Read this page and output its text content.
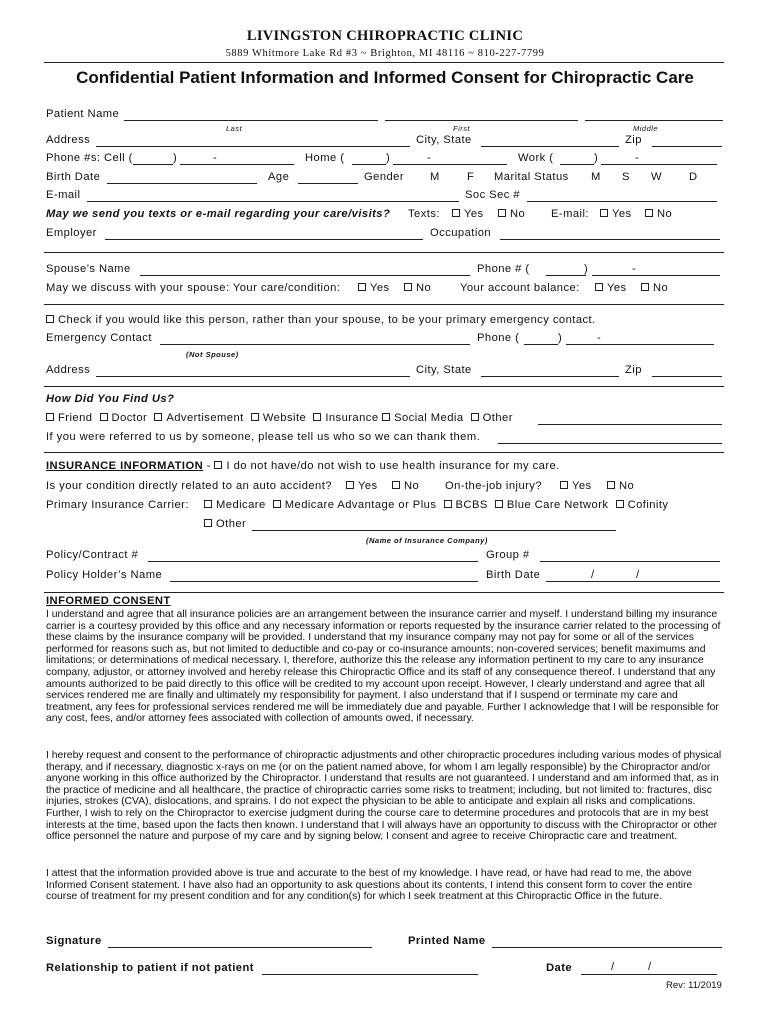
LIVINGSTON CHIROPRACTIC CLINIC
5889 Whitmore Lake Rd #3 ~ Brighton, MI 48116 ~ 810-227-7799
Confidential Patient Information and Informed Consent for Chiropractic Care
Patient Name
Last	First	Middle
Address	City, State	Zip
Phone #s: Cell (	)	-	Home (	)	-	Work (	)	-
Birth Date	Age	Gender M F Marital Status M S W D
E-mail	Soc Sec #
May we send you texts or e-mail regarding your care/visits? Texts:	Yes	No E-mail:	Yes	No
Employer	Occupation
Spouse’s Name	Phone # (	)	-
May we discuss with your spouse: Your care/condition:	Yes	No	Your account balance:	Yes	No
Check if you would like this person, rather than your spouse, to be your primary emergency contact.
Emergency Contact	Phone (	)	-
(Not Spouse)
Address	City, State	Zip
How Did You Find Us?
Friend Doctor Advertisement Website Insurance Social Media Other
If you were referred to us by someone, please tell us who so we can thank them.
INSURANCE INFORMATION - I do not have/do not wish to use health insurance for my care.
Is your condition directly related to an auto accident?	Yes	No On-the-job injury?	Yes	No
Primary Insurance Carrier:	Medicare Medicare Advantage or Plus BCBS Blue Care Network Cofinity
Other
(Name of Insurance Company)
Policy/Contract #	Group #
Policy Holder’s Name	Birth Date	/	/
INFORMED CONSENT
I understand and agree that all insurance policies are an arrangement between the insurance carrier and myself. I understand billing my insurance carrier is a courtesy provided by this office and any necessary information or reports requested by the insurance carrier related to the processing of these claims by the insurance company will be provided. I understand that my insurance company may not pay for some or all of the services performed for reasons such as, but not limited to deductible and co-pay or co-insurance amounts; non-covered services; benefit maximums and limitations; or determinations of medical necessary. I, therefore, authorize this the release any information pertinent to my care to any insurance company, adjustor, or attorney involved and hereby release this Chiropractic Office and its staff of any consequence thereof. I understand that any amounts authorized to be paid directly to this office will be credited to my account upon receipt. However, I clearly understand and agree that all services rendered me are finally and ultimately my responsibility for payment. I also understand that if I suspend or terminate my care and treatment, any fees for professional services rendered me will be immediately due and payable. Further I acknowledge that I will be responsible for any cost, fees, and/or attorney fees associated with collection of amounts owed, if necessary.
I hereby request and consent to the performance of chiropractic adjustments and other chiropractic procedures including various modes of physical therapy, and if necessary, diagnostic x-rays on me (or on the patient named above, for whom I am legally responsible) by the Chiropractor and/or anyone working in this office authorized by the Chiropractor. I understand that results are not guaranteed. I understand and am informed that, as in the practice of medicine and all healthcare, the practice of chiropractic carries some risks to treatment; including, but not limited to: fractures, disc injuries, strokes (CVA), dislocations, and sprains. I do not expect the physician to be able to anticipate and explain all risks and complications. Further, I wish to rely on the Chiropractor to exercise judgment during the course care to determine procedures and protocols that are in my best interests at the time, based upon the facts then known. I understand that I will always have an opportunity to discuss with the Chiropractor or other office personnel the nature and purpose of my care and by signing below, I consent and agree to receive Chiropractic care and treatment.
I attest that the information provided above is true and accurate to the best of my knowledge. I have read, or have had read to me, the above Informed Consent statement. I have also had an opportunity to ask questions about its contents, I intend this consent form to cover the entire course of treatment for my present condition and for any condition(s) for which I seek treatment at this Chiropractic Office in the future.
Signature	Printed Name
Relationship to patient if not patient	Date	/	/
Rev: 11/2019
